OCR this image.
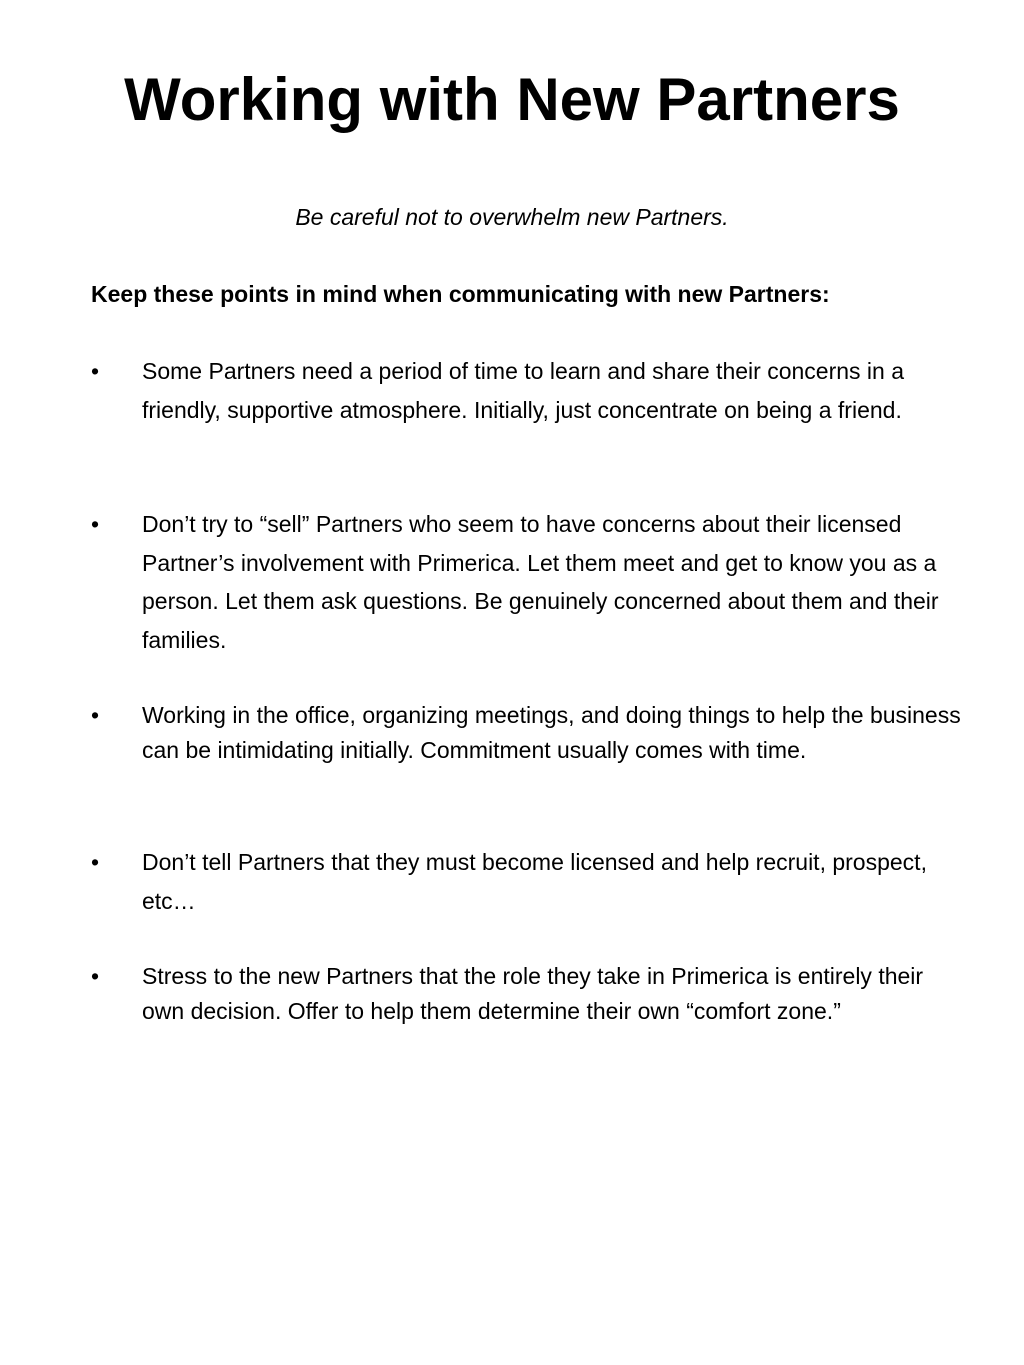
Working with New Partners

Be careful not to overwhelm new Partners.

Keep these points in mind when communicating with new Partners:

•	Some Partners need a period of time to learn and share their concerns in a friendly, supportive atmosphere. Initially, just concentrate on being a friend.
•	Don’t try to “sell” Partners who seem to have concerns about their licensed Partner’s involvement with Primerica. Let them meet and get to know you as a person. Let them ask questions. Be genuinely concerned about them and their families.
•	Working in the office, organizing meetings, and doing things to help the business can be intimidating initially. Commitment usually comes with time.
•	Don’t tell Partners that they must become licensed and help recruit, prospect, etc…
•	Stress to the new Partners that the role they take in Primerica is entirely their own decision. Offer to help them determine their own “comfort zone.”
